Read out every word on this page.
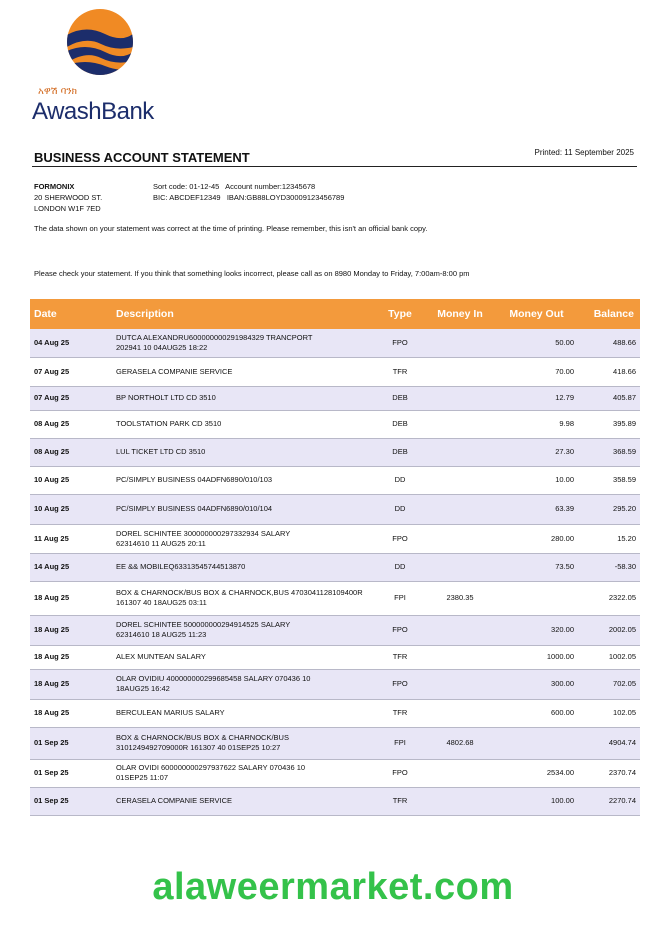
አዋሽ ባንክ
AwashBank
BUSINESS ACCOUNT STATEMENT	Printed: 11 September 2025
FORMONIX
20 SHERWOOD ST.
LONDON W1F 7ED
Sort code: 01-12-45 Account number:12345678
BIC: ABCDEF12349 IBAN:GB88LOYD30009123456789
The data shown on your statement was correct at the time of printing. Please remember, this isn't an official bank copy.
Please check your statement. If you think that something looks incorrect, please call as on 8980 Monday to Friday, 7:00am-8:00 pm
Date	Description	Type	Money In	Money Out	Balance
04 Aug 25	DUTCA ALEXANDRU600000000291984329 TRANCPORT
202941 10 04AUG25 18:22	FPO		50.00	488.66
07 Aug 25	GERASELA COMPANIE SERVICE	TFR		70.00	418.66
07 Aug 25	BP NORTHOLT LTD CD 3510	DEB		12.79	405.87
08 Aug 25	TOOLSTATION PARK CD 3510	DEB		9.98	395.89
08 Aug 25	LUL TICKET LTD CD 3510	DEB		27.30	368.59
10 Aug 25	PC/SIMPLY BUSINESS 04ADFN6890/010/103	DD		10.00	358.59
10 Aug 25	PC/SIMPLY BUSINESS 04ADFN6890/010/104	DD		63.39	295.20
11 Aug 25	DOREL SCHINTEE 300000000297332934 SALARY
62314610 11 AUG25 20:11	FPO		280.00	15.20
14 Aug 25	EE && MOBILEQ63313545744513870	DD		73.50	-58.30
18 Aug 25	BOX & CHARNOCK/BUS BOX & CHARNOCK,BUS 4703041128109400R
161307 40 18AUG25 03:11	FPI	2380.35		2322.05
18 Aug 25	DOREL SCHINTEE 500000000294914525 SALARY
62314610 18 AUG25 11:23	FPO		320.00	2002.05
18 Aug 25	ALEX MUNTEAN SALARY	TFR		1000.00	1002.05
18 Aug 25	OLAR OVIDIU 400000000299685458 SALARY 070436 10
18AUG25 16:42	FPO		300.00	702.05
18 Aug 25	BERCULEAN MARIUS SALARY	TFR		600.00	102.05
01 Sep 25	BOX & CHARNOCK/BUS BOX & CHARNOCK/BUS
3101249492709000R 161307 40 01SEP25 10:27	FPI	4802.68		4904.74
01 Sep 25	OLAR OVIDI 600000000297937622 SALARY 070436 10
01SEP25 11:07	FPO		2534.00	2370.74
01 Sep 25	CERASELA COMPANIE SERVICE	TFR		100.00	2270.74
alaweermarket.com
